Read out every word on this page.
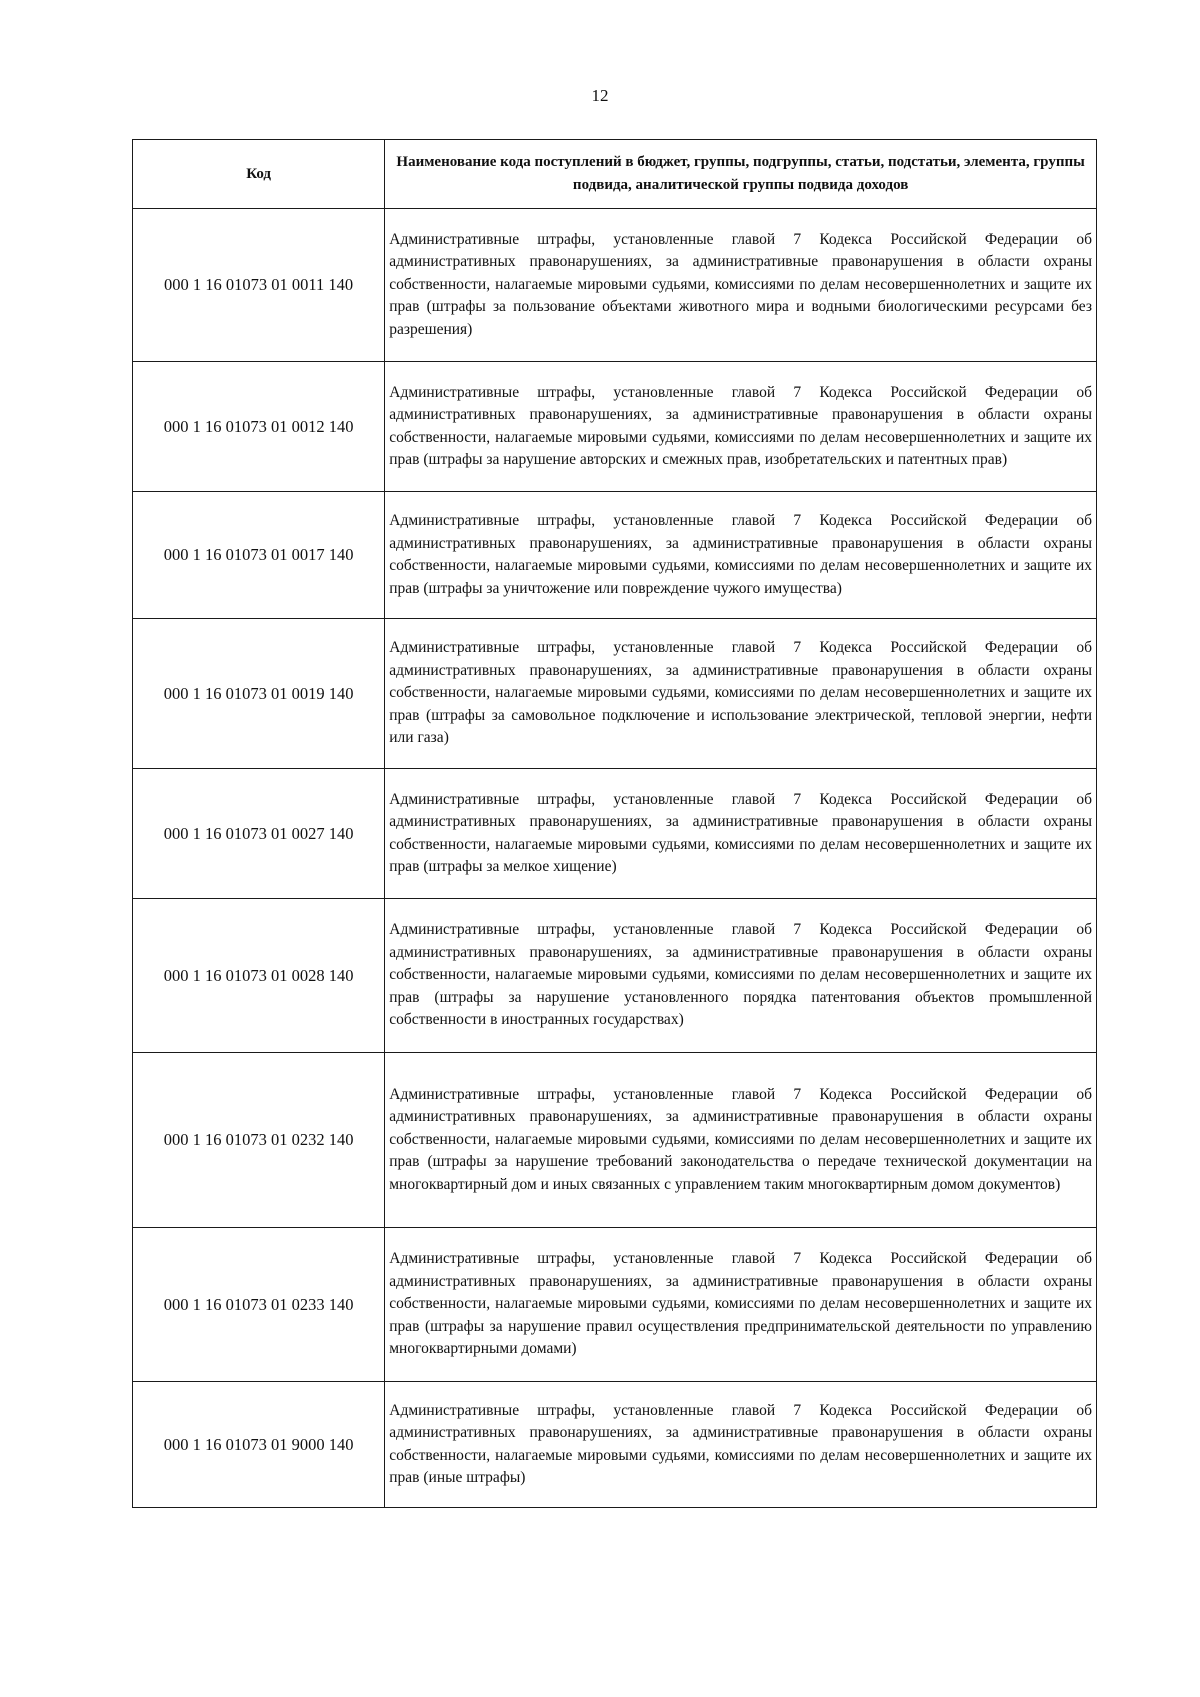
12
Код	Наименование кода поступлений в бюджет, группы, подгруппы, статьи, подстатьи, элемента, группы подвида, аналитической группы подвида доходов
000 1 16 01073 01 0011 140	Административные штрафы, установленные главой 7 Кодекса Российской Федерации об административных правонарушениях, за административные правонарушения в области охраны собственности, налагаемые мировыми судьями, комиссиями по делам несовершеннолетних и защите их прав (штрафы за пользование объектами животного мира и водными биологическими ресурсами без разрешения)
000 1 16 01073 01 0012 140	Административные штрафы, установленные главой 7 Кодекса Российской Федерации об административных правонарушениях, за административные правонарушения в области охраны собственности, налагаемые мировыми судьями, комиссиями по делам несовершеннолетних и защите их прав (штрафы за нарушение авторских и смежных прав, изобретательских и патентных прав)
000 1 16 01073 01 0017 140	Административные штрафы, установленные главой 7 Кодекса Российской Федерации об административных правонарушениях, за административные правонарушения в области охраны собственности, налагаемые мировыми судьями, комиссиями по делам несовершеннолетних и защите их прав (штрафы за уничтожение или повреждение чужого имущества)
000 1 16 01073 01 0019 140	Административные штрафы, установленные главой 7 Кодекса Российской Федерации об административных правонарушениях, за административные правонарушения в области охраны собственности, налагаемые мировыми судьями, комиссиями по делам несовершеннолетних и защите их прав (штрафы за самовольное подключение и использование электрической, тепловой энергии, нефти или газа)
000 1 16 01073 01 0027 140	Административные штрафы, установленные главой 7 Кодекса Российской Федерации об административных правонарушениях, за административные правонарушения в области охраны собственности, налагаемые мировыми судьями, комиссиями по делам несовершеннолетних и защите их прав (штрафы за мелкое хищение)
000 1 16 01073 01 0028 140	Административные штрафы, установленные главой 7 Кодекса Российской Федерации об административных правонарушениях, за административные правонарушения в области охраны собственности, налагаемые мировыми судьями, комиссиями по делам несовершеннолетних и защите их прав (штрафы за нарушение установленного порядка патентования объектов промышленной собственности в иностранных государствах)
000 1 16 01073 01 0232 140	Административные штрафы, установленные главой 7 Кодекса Российской Федерации об административных правонарушениях, за административные правонарушения в области охраны собственности, налагаемые мировыми судьями, комиссиями по делам несовершеннолетних и защите их прав (штрафы за нарушение требований законодательства о передаче технической документации на многоквартирный дом и иных связанных с управлением таким многоквартирным домом документов)
000 1 16 01073 01 0233 140	Административные штрафы, установленные главой 7 Кодекса Российской Федерации об административных правонарушениях, за административные правонарушения в области охраны собственности, налагаемые мировыми судьями, комиссиями по делам несовершеннолетних и защите их прав (штрафы за нарушение правил осуществления предпринимательской деятельности по управлению многоквартирными домами)
000 1 16 01073 01 9000 140	Административные штрафы, установленные главой 7 Кодекса Российской Федерации об административных правонарушениях, за административные правонарушения в области охраны собственности, налагаемые мировыми судьями, комиссиями по делам несовершеннолетних и защите их прав (иные штрафы)
